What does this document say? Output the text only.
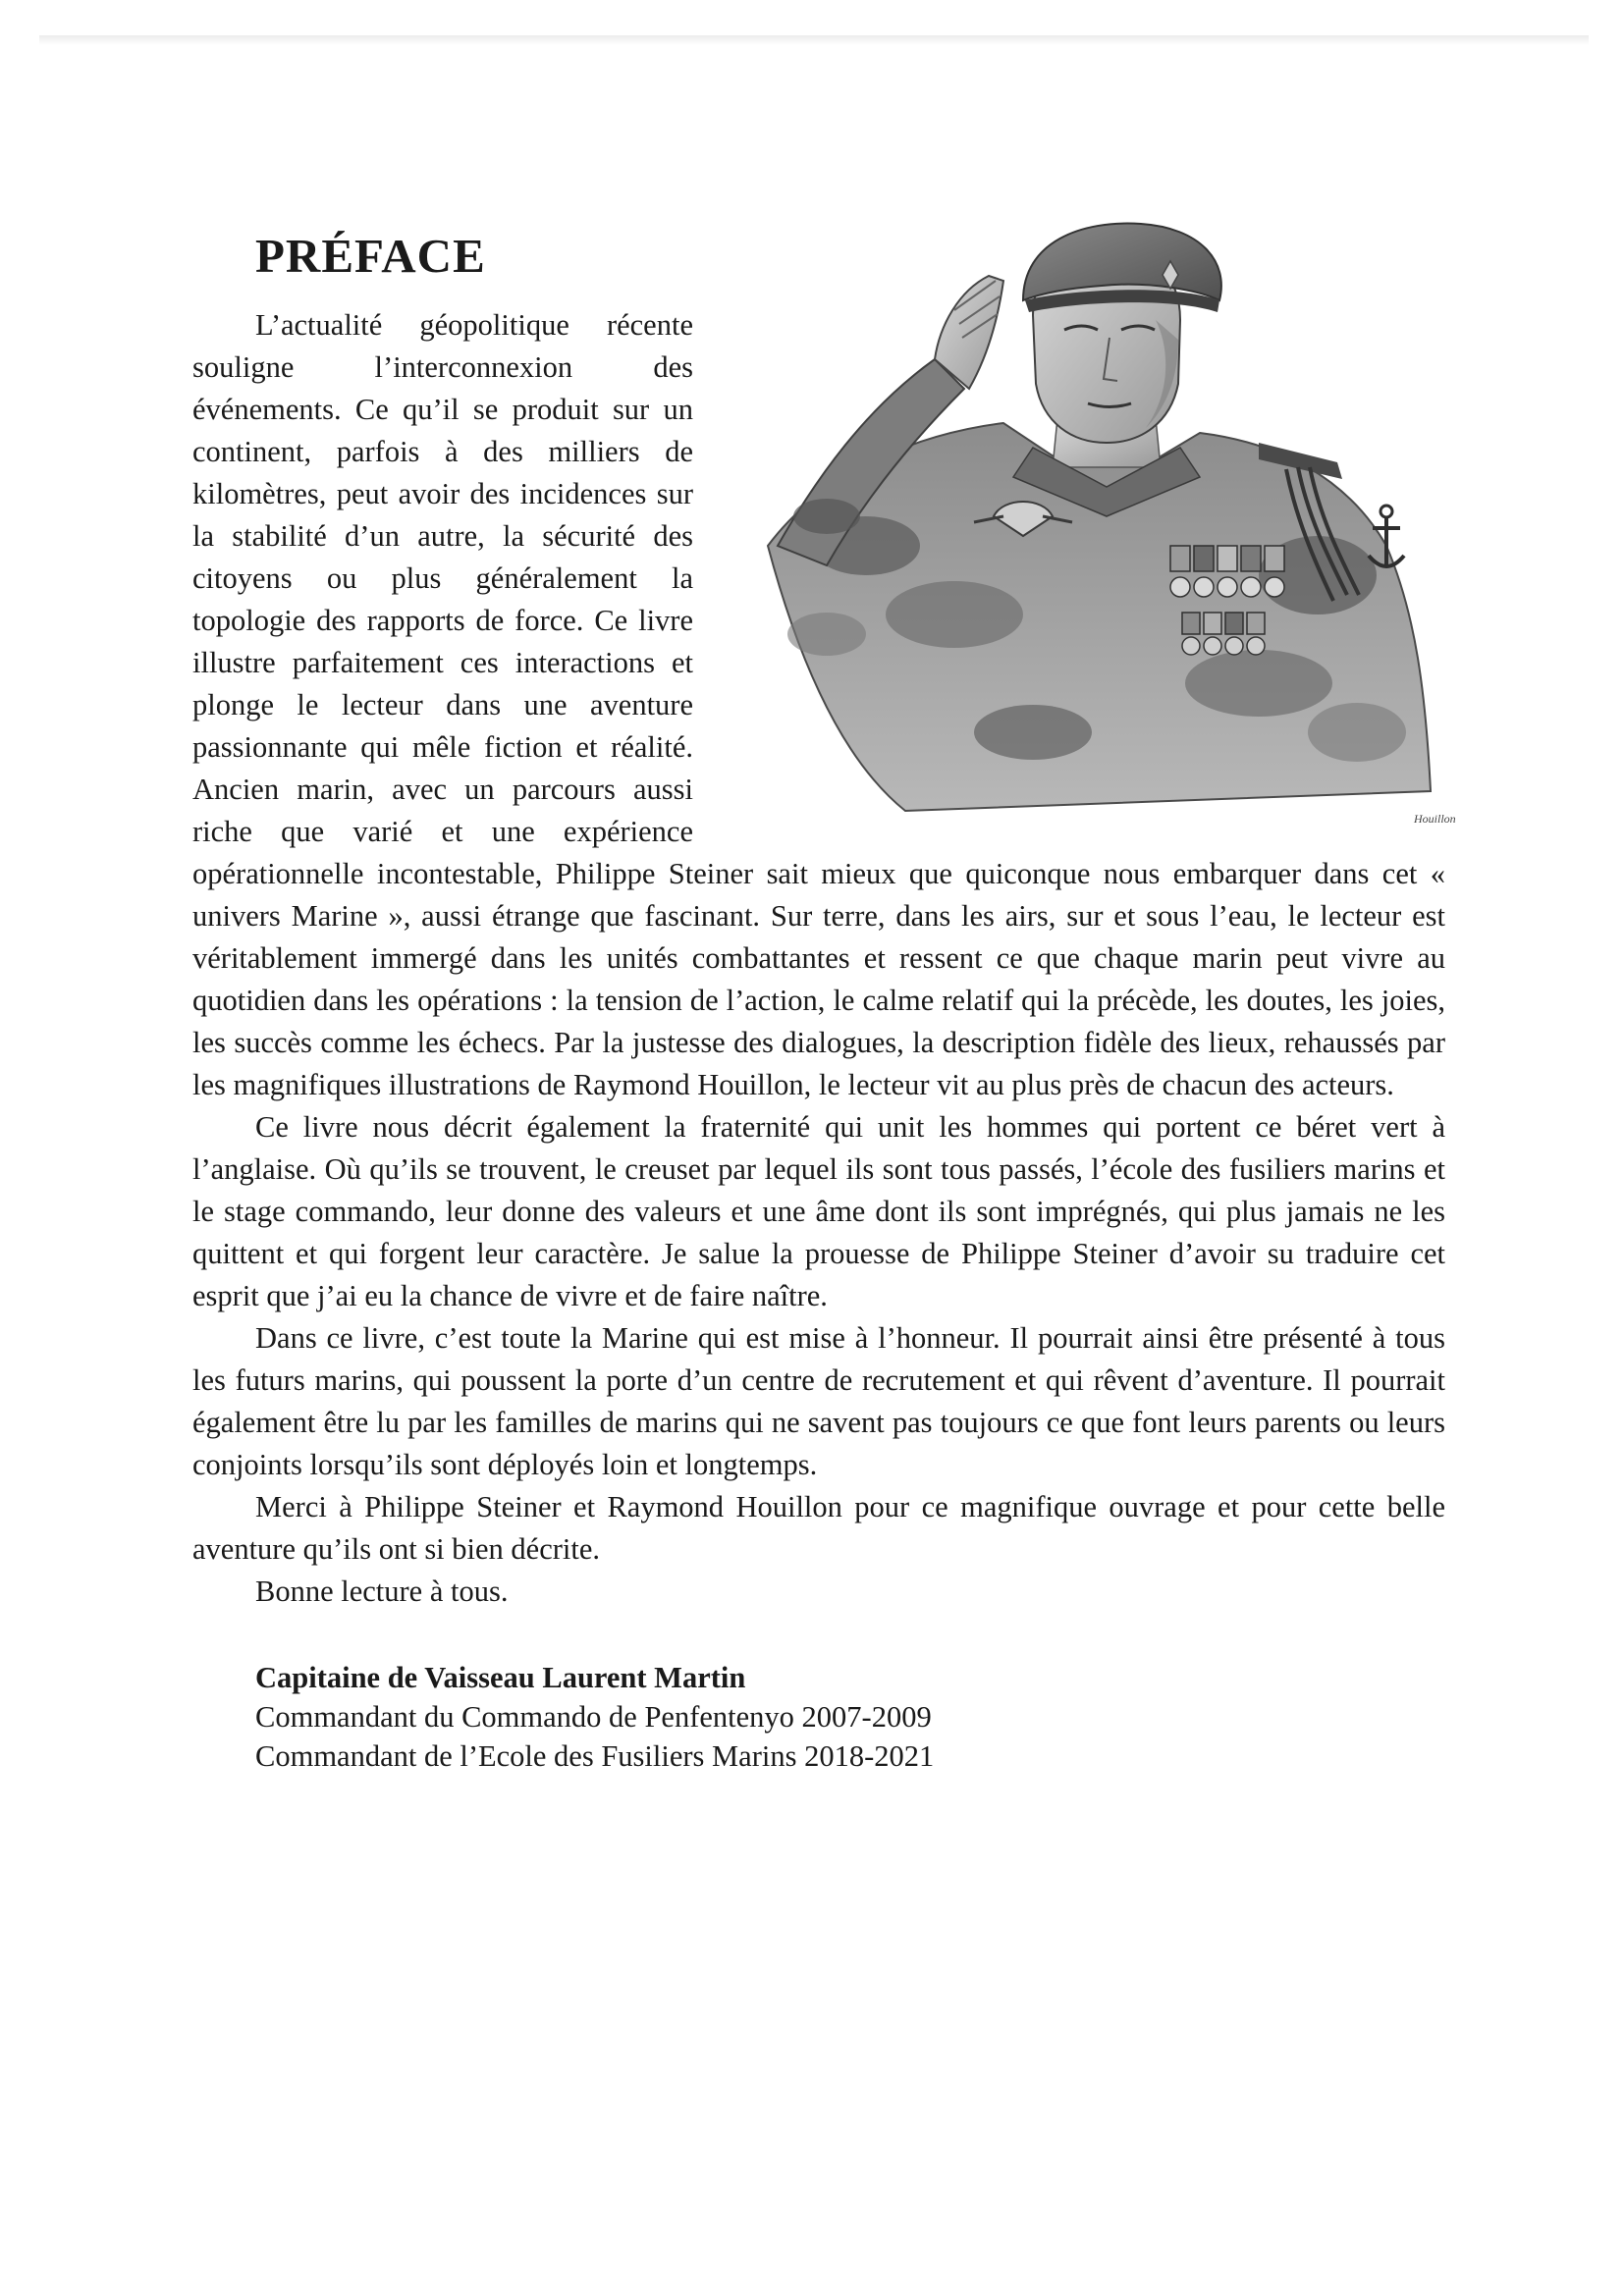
PRÉFACE
Houillon

L’actualité géopolitique récente souligne l’interconnexion des événements. Ce qu’il se produit sur un continent, parfois à des milliers de kilomètres, peut avoir des incidences sur la stabilité d’un autre, la sécurité des citoyens ou plus généralement la topologie des rapports de force. Ce livre illustre parfaitement ces interactions et plonge le lecteur dans une aventure passionnante qui mêle fiction et réalité. Ancien marin, avec un parcours aussi riche que varié et une expérience opérationnelle incontestable, Philippe Steiner sait mieux que quiconque nous embarquer dans cet « univers Marine », aussi étrange que fascinant. Sur terre, dans les airs, sur et sous l’eau, le lecteur est véritablement immergé dans les unités combattantes et ressent ce que chaque marin peut vivre au quotidien dans les opérations : la tension de l’action, le calme relatif qui la précède, les doutes, les joies, les succès comme les échecs. Par la justesse des dialogues, la description fidèle des lieux, rehaussés par les magnifiques illustrations de Raymond Houillon, le lecteur vit au plus près de chacun des acteurs.

Ce livre nous décrit également la fraternité qui unit les hommes qui portent ce béret vert à l’anglaise. Où qu’ils se trouvent, le creuset par lequel ils sont tous passés, l’école des fusiliers marins et le stage commando, leur donne des valeurs et une âme dont ils sont imprégnés, qui plus jamais ne les quittent et qui forgent leur caractère. Je salue la prouesse de Philippe Steiner d’avoir su traduire cet esprit que j’ai eu la chance de vivre et de faire naître.

Dans ce livre, c’est toute la Marine qui est mise à l’honneur. Il pourrait ainsi être présenté à tous les futurs marins, qui poussent la porte d’un centre de recrutement et qui rêvent d’aventure. Il pourrait également être lu par les familles de marins qui ne savent pas toujours ce que font leurs parents ou leurs conjoints lorsqu’ils sont déployés loin et longtemps.

Merci à Philippe Steiner et Raymond Houillon pour ce magnifique ouvrage et pour cette belle aventure qu’ils ont si bien décrite.

Bonne lecture à tous.

Capitaine de Vaisseau Laurent Martin
Commandant du Commando de Penfentenyo 2007-2009
Commandant de l’Ecole des Fusiliers Marins 2018-2021
